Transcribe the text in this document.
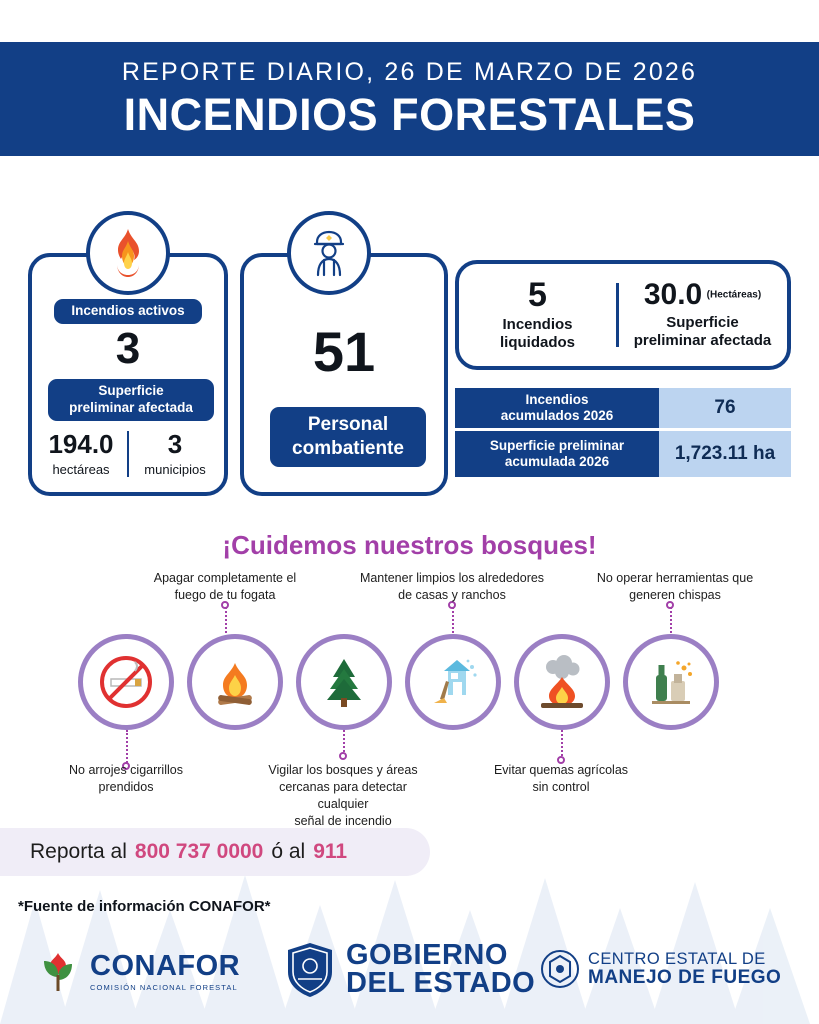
REPORTE DIARIO, 26 DE MARZO DE 2026
INCENDIOS FORESTALES
Incendios activos
3
Superficie
preliminar afectada
194.0
hectáreas
3
municipios
51
Personal
combatiente
5
Incendios
liquidados
30.0 $^{(Hectáreas)}$
Superficie
preliminar afectada
Incendios
acumulados 2026	76
Superficie preliminar
acumulada 2026	1,723.11 ha
¡Cuidemos nuestros bosques!
No arrojes cigarrillos
prendidos
Apagar completamente el
fuego de tu fogata
Vigilar los bosques y áreas
cercanas para detectar cualquier
señal de incendio
Mantener limpios los alrededores
de casas y ranchos
Evitar quemas agrícolas
sin control
No operar herramientas que
generen chispas
Reporta al 800 737 0000 ó al 911
*Fuente de información CONAFOR*
CONAFOR
COMISIÓN NACIONAL FORESTAL
GOBIERNO
DEL ESTADO
CENTRO ESTATAL DE
MANEJO DE FUEGO
